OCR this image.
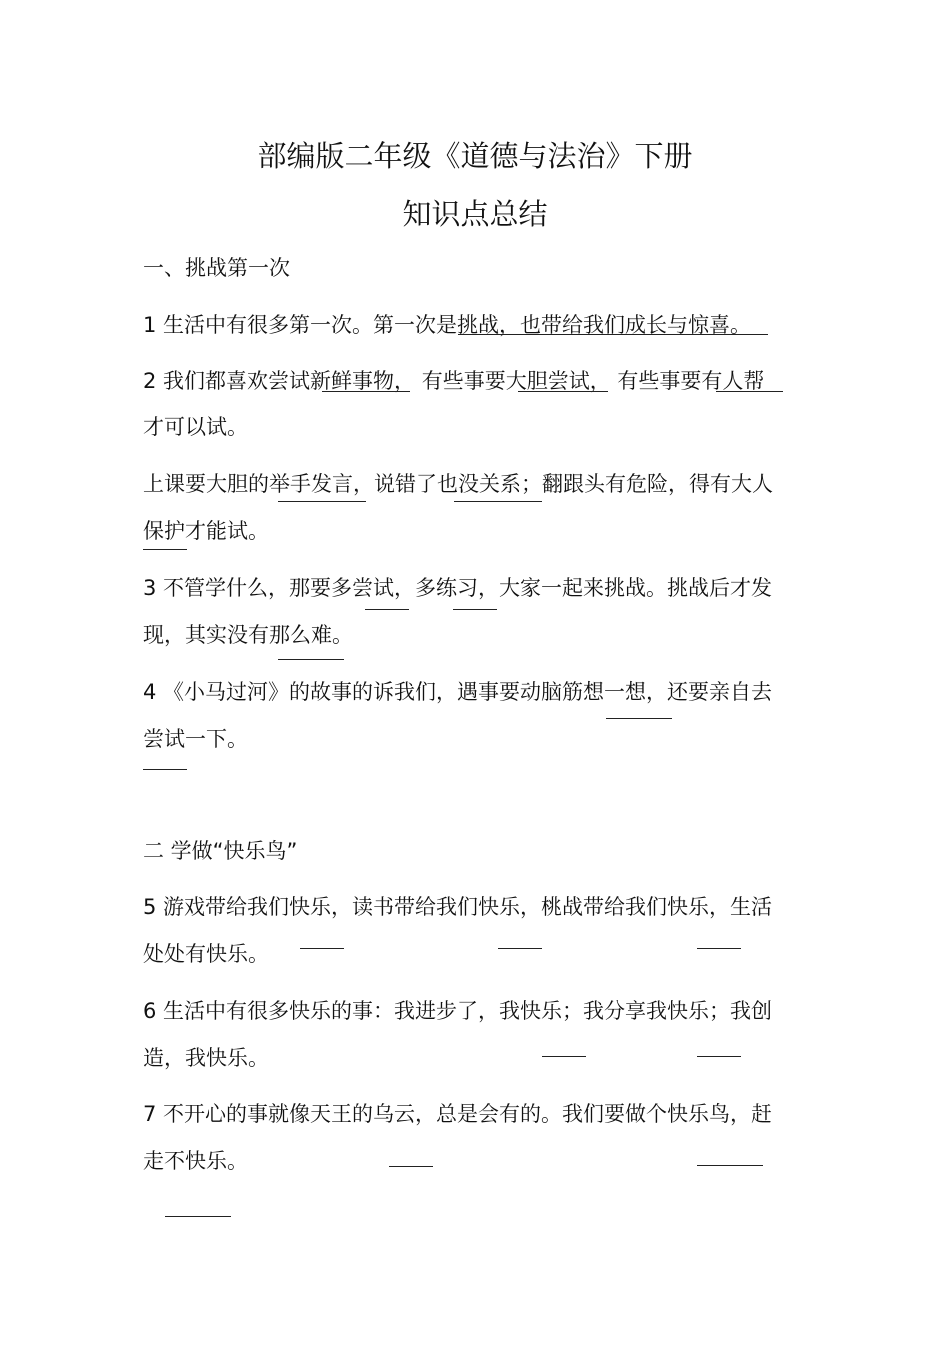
部编版二年级《道德与法治》下册
知识点总结
一、挑战第一次
1 生活中有很多第一次。第一次是挑战，也带给我们成长与惊喜。
2 我们都喜欢尝试新鲜事物， 有些事要大胆尝试， 有些事要有人帮
才可以试。
上课要大胆的举手发言，说错了也没关系；翻跟头有危险，得有大人
保护才能试。
3 不管学什么，那要多尝试，多练习，大家一起来挑战。挑战后才发
现，其实没有那么难。
4 《小马过河》的故事的诉我们，遇事要动脑筋想一想，还要亲自去
尝试一下。
二 学做“快乐鸟”
5 游戏带给我们快乐，读书带给我们快乐，桃战带给我们快乐，生活
处处有快乐。
6 生活中有很多快乐的事：我进步了，我快乐；我分享我快乐；我创
造，我快乐。
7 不开心的事就像天王的乌云，总是会有的。我们要做个快乐鸟，赶
走不快乐。
